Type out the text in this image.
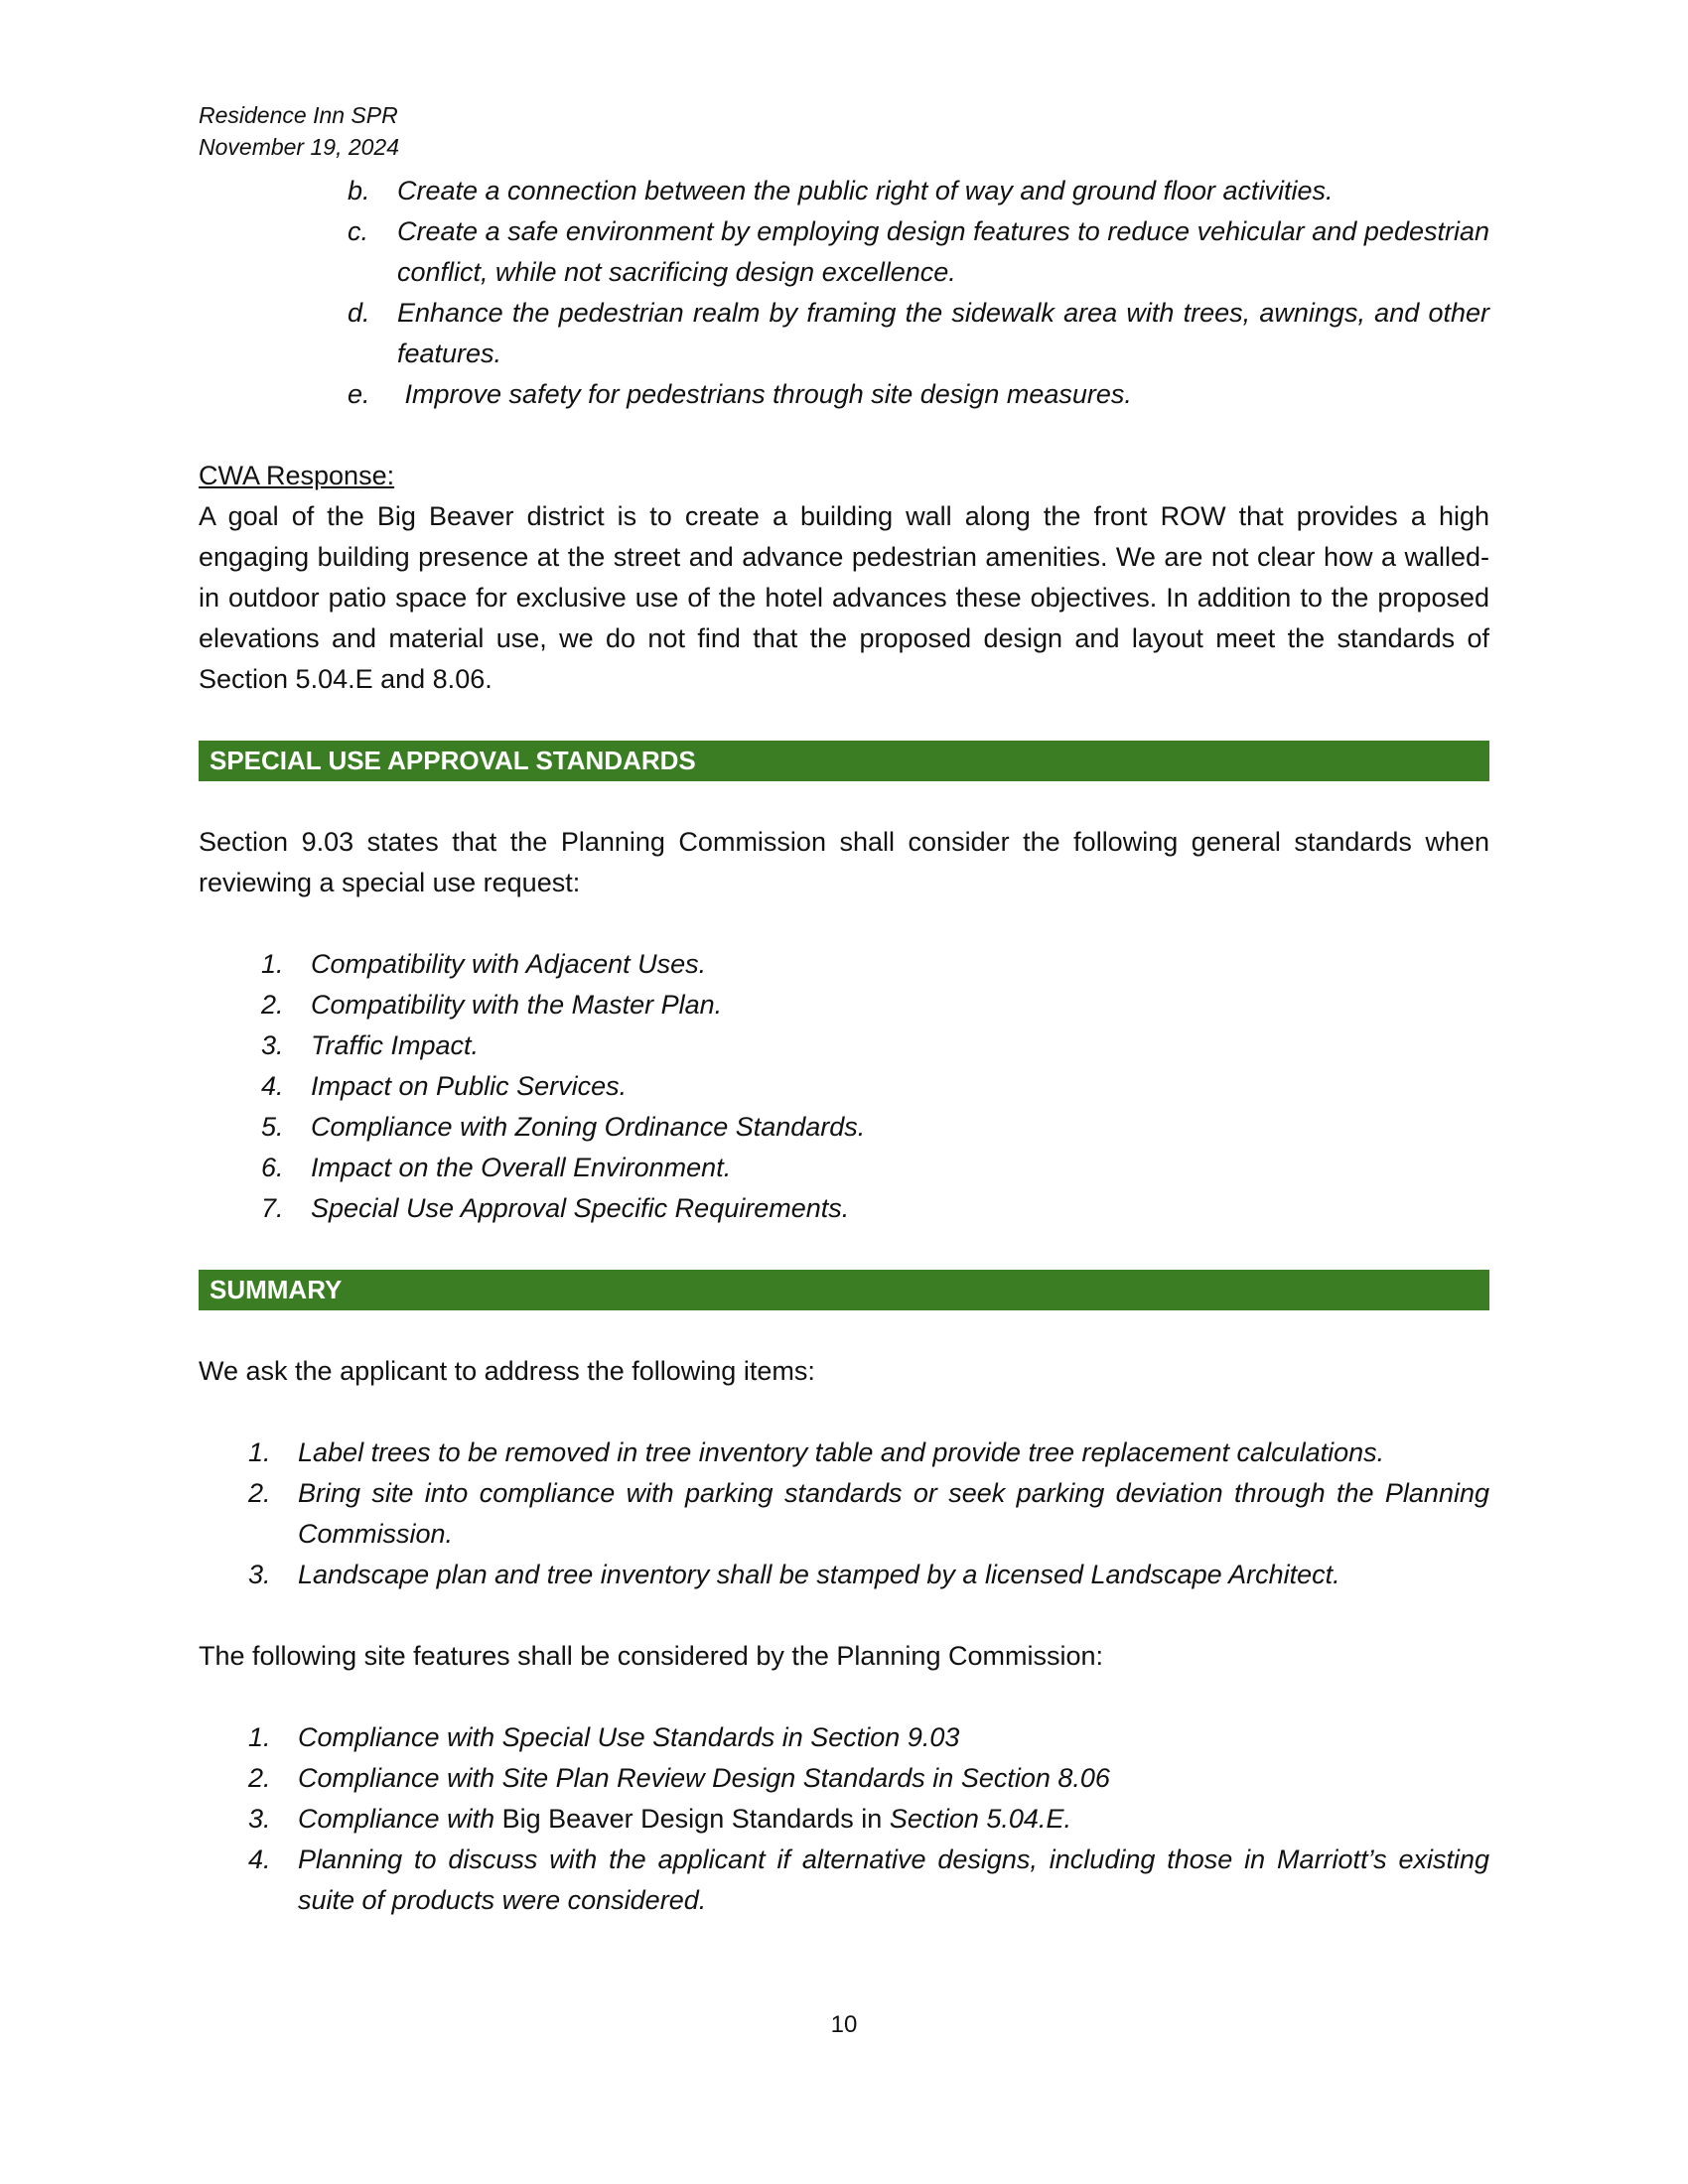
Residence Inn SPR
November 19, 2024
b. Create a connection between the public right of way and ground floor activities.
c. Create a safe environment by employing design features to reduce vehicular and pedestrian conflict, while not sacrificing design excellence.
d. Enhance the pedestrian realm by framing the sidewalk area with trees, awnings, and other features.
e. Improve safety for pedestrians through site design measures.
CWA Response:
A goal of the Big Beaver district is to create a building wall along the front ROW that provides a high engaging building presence at the street and advance pedestrian amenities. We are not clear how a walled-in outdoor patio space for exclusive use of the hotel advances these objectives. In addition to the proposed elevations and material use, we do not find that the proposed design and layout meet the standards of Section 5.04.E and 8.06.
SPECIAL USE APPROVAL STANDARDS
Section 9.03 states that the Planning Commission shall consider the following general standards when reviewing a special use request:
1. Compatibility with Adjacent Uses.
2. Compatibility with the Master Plan.
3. Traffic Impact.
4. Impact on Public Services.
5. Compliance with Zoning Ordinance Standards.
6. Impact on the Overall Environment.
7. Special Use Approval Specific Requirements.
SUMMARY
We ask the applicant to address the following items:
1. Label trees to be removed in tree inventory table and provide tree replacement calculations.
2. Bring site into compliance with parking standards or seek parking deviation through the Planning Commission.
3. Landscape plan and tree inventory shall be stamped by a licensed Landscape Architect.
The following site features shall be considered by the Planning Commission:
1. Compliance with Special Use Standards in Section 9.03
2. Compliance with Site Plan Review Design Standards in Section 8.06
3. Compliance with Big Beaver Design Standards in Section 5.04.E.
4. Planning to discuss with the applicant if alternative designs, including those in Marriott’s existing suite of products were considered.
10
